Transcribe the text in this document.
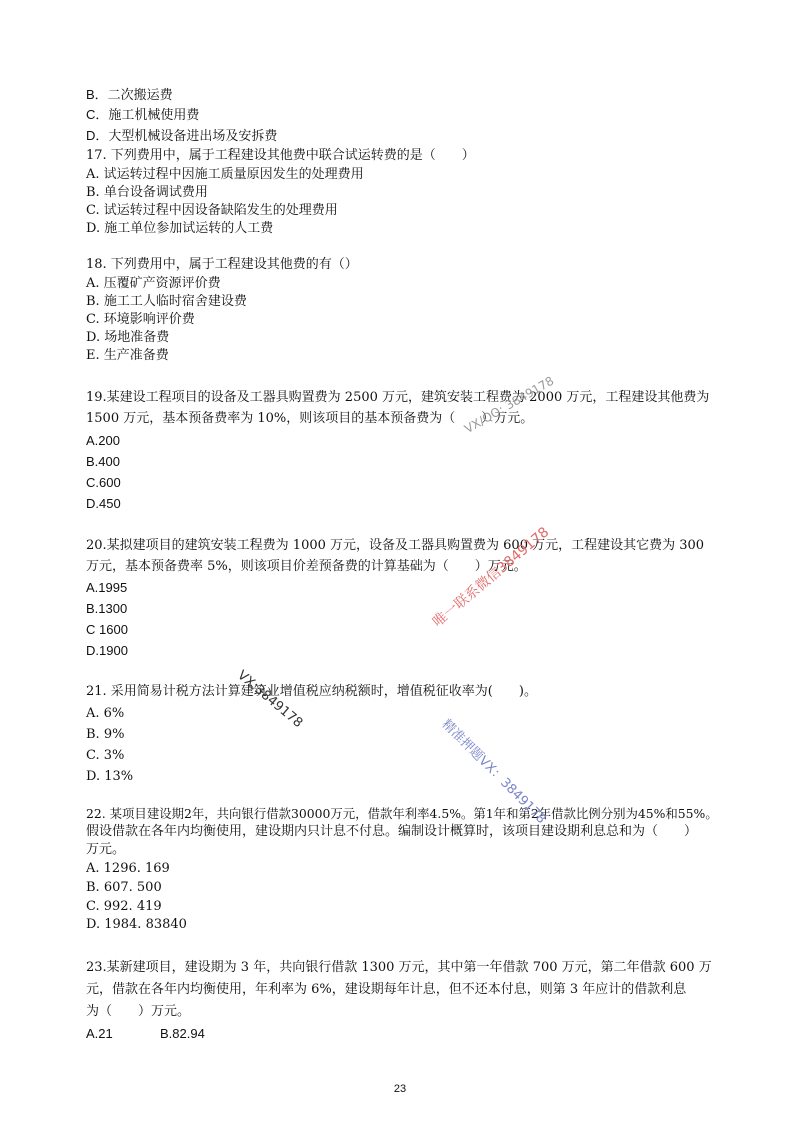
B．二次搬运费
C．施工机械使用费
D．大型机械设备进出场及安拆费
17. 下列费用中，属于工程建设其他费中联合试运转费的是（　　）
A. 试运转过程中因施工质量原因发生的处理费用
B. 单台设备调试费用
C. 试运转过程中因设备缺陷发生的处理费用
D. 施工单位参加试运转的人工费
18. 下列费用中，属于工程建设其他费的有（）
A. 压覆矿产资源评价费
B. 施工工人临时宿舍建设费
C. 环境影响评价费
D. 场地准备费
E. 生产准备费
19.某建设工程项目的设备及工器具购置费为 2500 万元，建筑安装工程费为 2000 万元，工程建设其他费为
1500 万元，基本预备费率为 10%，则该项目的基本预备费为（　　）万元。
A.200
B.400
C.600
D.450
20.某拟建项目的建筑安装工程费为 1000 万元，设备及工器具购置费为 600 万元，工程建设其它费为 300
万元，基本预备费率 5%，则该项目价差预备费的计算基础为（　　）万元。
A.1995
B.1300
C 1600
D.1900
21. 采用简易计税方法计算建筑业增值税应纳税额时，增值税征收率为(　　)。
A. 6%
B. 9%
C. 3%
D. 13%
22. 某项目建设期2年，共向银行借款30000万元，借款年利率4.5%。第1年和第2年借款比例分别为45%和55%。
假设借款在各年内均衡使用，建设期内只计息不付息。编制设计概算时，该项目建设期利息总和为（　　）
万元。
A. 1296. 169
B. 607. 500
C. 992. 419
D. 1984. 83840
23.某新建项目，建设期为 3 年，共向银行借款 1300 万元，其中第一年借款 700 万元，第二年借款 600 万
元，借款在各年内均衡使用，年利率为 6%，建设期每年计息，但不还本付息，则第 3 年应计的借款利息
为（　　）万元。
A.21	B.82.94
VX/QQ: 3849178
唯一联系微信3849178
VX:3849178
精准押题VX：3849178
23
